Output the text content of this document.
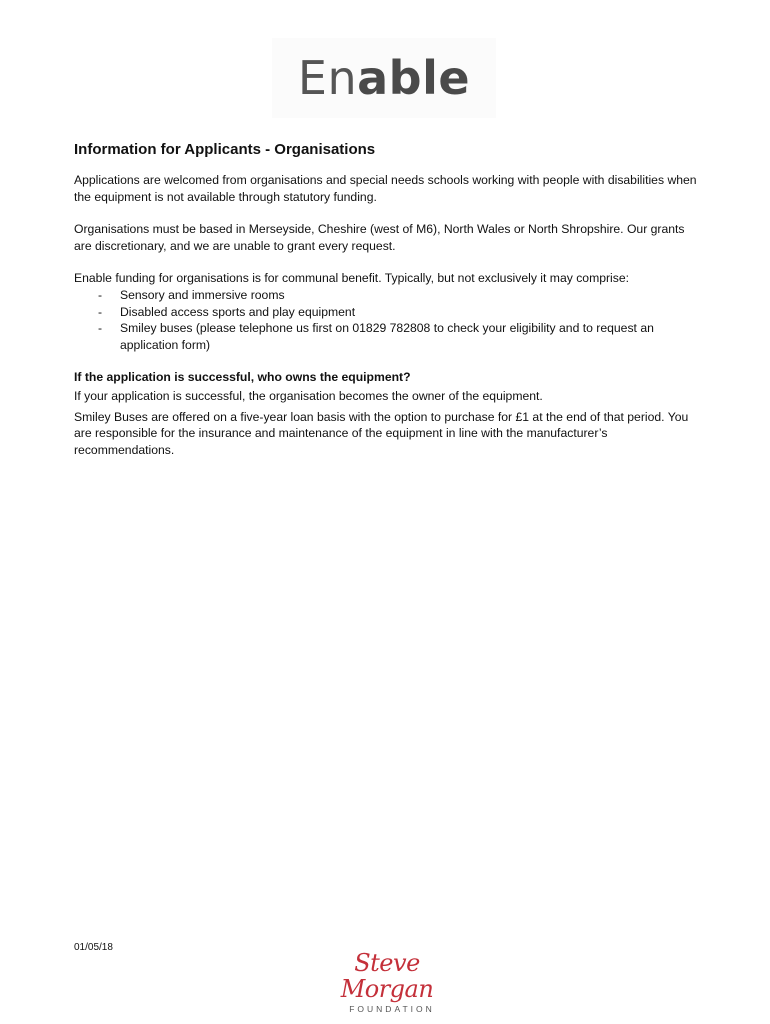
Enable
Information for Applicants - Organisations

Applications are welcomed from organisations and special needs schools working with people with disabilities when the equipment is not available through statutory funding.

Organisations must be based in Merseyside, Cheshire (west of M6), North Wales or North Shropshire. Our grants are discretionary, and we are unable to grant every request.

Enable funding for organisations is for communal benefit. Typically, but not exclusively it may comprise:

- Sensory and immersive rooms
- Disabled access sports and play equipment
- Smiley buses (please telephone us first on 01829 782808 to check your eligibility and to request an application form)

If the application is successful, who owns the equipment?

If your application is successful, the organisation becomes the owner of the equipment.

Smiley Buses are offered on a five-year loan basis with the option to purchase for £1 at the end of that period. You are responsible for the insurance and maintenance of the equipment in line with the manufacturer’s recommendations.

01/05/18
Steve Morgan
FOUNDATION
